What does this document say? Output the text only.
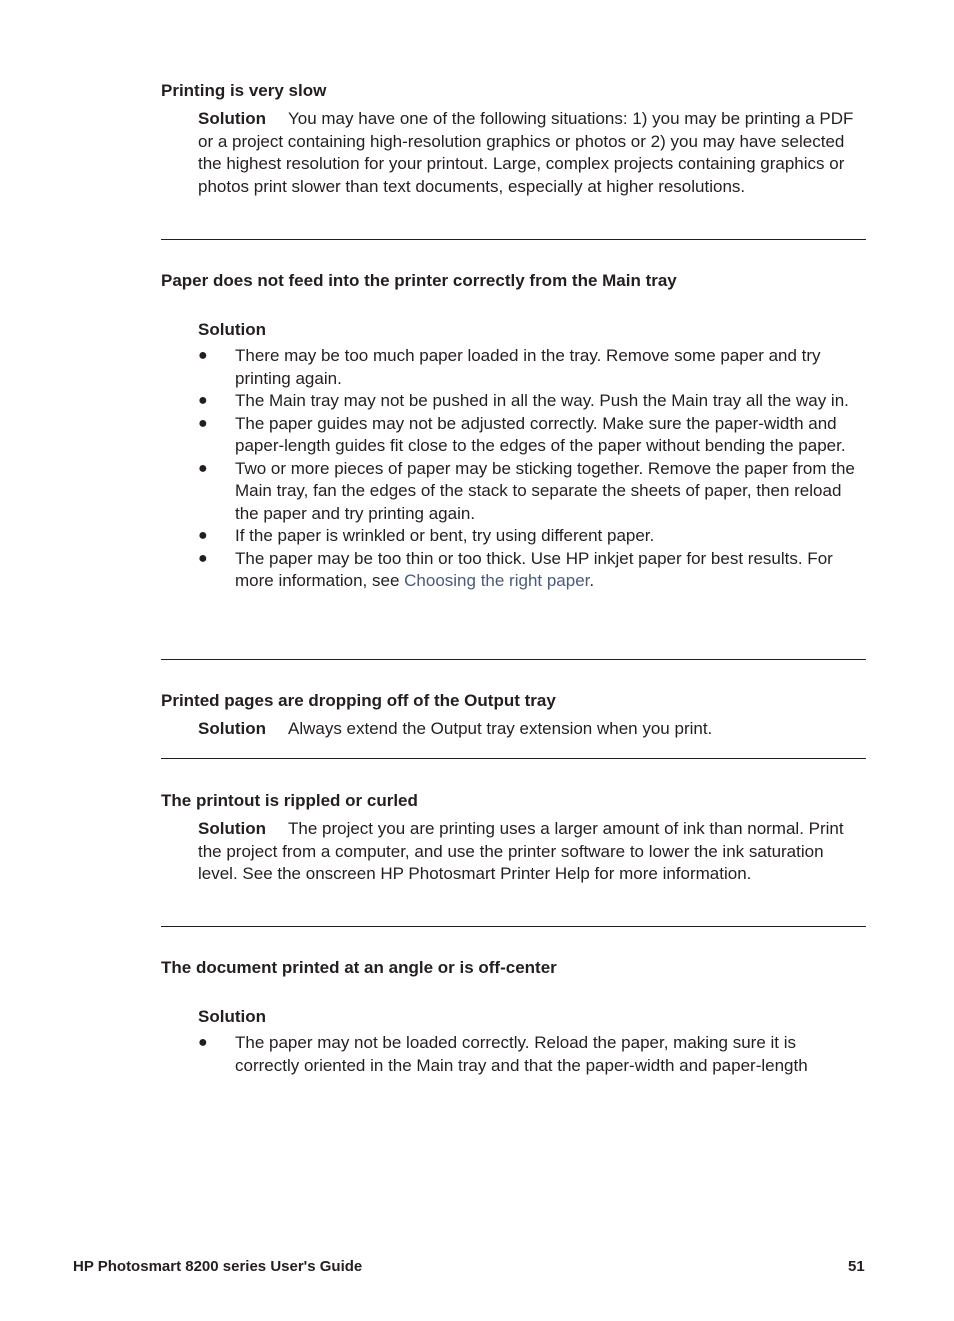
Printing is very slow

Solution You may have one of the following situations: 1) you may be printing a PDF or a project containing high-resolution graphics or photos or 2) you may have selected the highest resolution for your printout. Large, complex projects containing graphics or photos print slower than text documents, especially at higher resolutions.

Paper does not feed into the printer correctly from the Main tray
Solution
● There may be too much paper loaded in the tray. Remove some paper and try printing again.
● The Main tray may not be pushed in all the way. Push the Main tray all the way in.
● The paper guides may not be adjusted correctly. Make sure the paper-width and paper-length guides fit close to the edges of the paper without bending the paper.
● Two or more pieces of paper may be sticking together. Remove the paper from the Main tray, fan the edges of the stack to separate the sheets of paper, then reload the paper and try printing again.
● If the paper is wrinkled or bent, try using different paper.
● The paper may be too thin or too thick. Use HP inkjet paper for best results. For more information, see Choosing the right paper.
Printed pages are dropping off of the Output tray

Solution Always extend the Output tray extension when you print.

The printout is rippled or curled

Solution The project you are printing uses a larger amount of ink than normal. Print the project from a computer, and use the printer software to lower the ink saturation level. See the onscreen HP Photosmart Printer Help for more information.

The document printed at an angle or is off-center
Solution
● The paper may not be loaded correctly. Reload the paper, making sure it is correctly oriented in the Main tray and that the paper-width and paper-length
HP Photosmart 8200 series User's Guide	51
